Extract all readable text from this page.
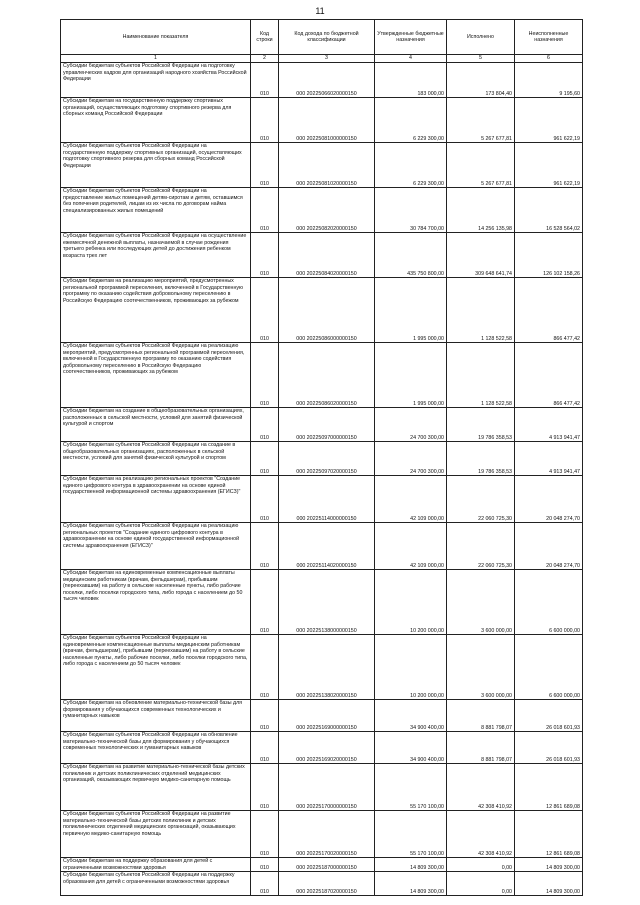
11
Наименование показателя	Код строки	Код дохода по бюджетной классификации	Утвержденные бюджетные назначения	Исполнено	Неисполненные назначения
1	2	3	4	5	6
Субсидии бюджетам субъектов Российской Федерации на подготовку управленческих кадров для организаций народного хозяйства Российской Федерации	010	000 20225066020000150	183 000,00	173 804,40	9 195,60
Субсидии бюджетам на государственную поддержку спортивных организаций, осуществляющих подготовку спортивного резерва для сборных команд Российской Федерации	010	000 20225081000000150	6 229 300,00	5 267 677,81	961 622,19
Субсидии бюджетам субъектов Российской Федерации на государственную поддержку спортивных организаций, осуществляющих подготовку спортивного резерва для сборных команд Российской Федерации	010	000 20225081020000150	6 229 300,00	5 267 677,81	961 622,19
Субсидии бюджетам субъектов Российской Федерации на предоставление жилых помещений детям-сиротам и детям, оставшимся без попечения родителей, лицам из их числа по договорам найма специализированных жилых помещений	010	000 20225082020000150	30 784 700,00	14 256 135,98	16 528 564,02
Субсидии бюджетам субъектов Российской Федерации на осуществление ежемесячной денежной выплаты, назначаемой в случае рождения третьего ребенка или последующих детей до достижения ребенком возраста трех лет	010	000 20225084020000150	435 750 800,00	309 648 641,74	126 102 158,26
Субсидии бюджетам на реализацию мероприятий, предусмотренных региональной программой переселения, включенной в Государственную программу по оказанию содействия добровольному переселению в Российскую Федерацию соотечественников, проживающих за рубежом	010	000 20225086000000150	1 995 000,00	1 128 522,58	866 477,42
Субсидии бюджетам субъектов Российской Федерации на реализацию мероприятий, предусмотренных региональной программой переселения, включенной в Государственную программу по оказанию содействия добровольному переселению в Российскую Федерацию соотечественников, проживающих за рубежом	010	000 20225086020000150	1 995 000,00	1 128 522,58	866 477,42
Субсидии бюджетам на создание в общеобразовательных организациях, расположенных в сельской местности, условий для занятий физической культурой и спортом	010	000 20225097000000150	24 700 300,00	19 786 358,53	4 913 941,47
Субсидии бюджетам субъектов Российской Федерации на создание в общеобразовательных организациях, расположенных в сельской местности, условий для занятий физической культурой и спортом	010	000 20225097020000150	24 700 300,00	19 786 358,53	4 913 941,47
Субсидии бюджетам на реализацию региональных проектов "Создание единого цифрового контура в здравоохранении на основе единой государственной информационной системы здравоохранения (ЕГИСЗ)"	010	000 20225114000000150	42 109 000,00	22 060 725,30	20 048 274,70
Субсидии бюджетам субъектов Российской Федерации на реализацию региональных проектов "Создание единого цифрового контура в здравоохранении на основе единой государственной информационной системы здравоохранения (ЕГИСЗ)"	010	000 20225114020000150	42 109 000,00	22 060 725,30	20 048 274,70
Субсидии бюджетам на единовременные компенсационные выплаты медицинским работникам (врачам, фельдшерам), прибывшим (переехавшим) на работу в сельские населенные пункты, либо рабочие поселки, либо поселки городского типа, либо города с населением до 50 тысяч человек	010	000 20225138000000150	10 200 000,00	3 600 000,00	6 600 000,00
Субсидии бюджетам субъектов Российской Федерации на единовременные компенсационные выплаты медицинским работникам (врачам, фельдшерам), прибывшим (переехавшим) на работу в сельские населенные пункты, либо рабочие поселки, либо поселки городского типа, либо города с населением до 50 тысяч человек	010	000 20225138020000150	10 200 000,00	3 600 000,00	6 600 000,00
Субсидии бюджетам на обновление материально-технической базы для формирования у обучающихся современных технологических и гуманитарных навыков	010	000 20225169000000150	34 900 400,00	8 881 798,07	26 018 601,93
Субсидии бюджетам субъектов Российской Федерации на обновление материально-технической базы для формирования у обучающихся современных технологических и гуманитарных навыков	010	000 20225169020000150	34 900 400,00	8 881 798,07	26 018 601,93
Субсидии бюджетам на развитие материально-технической базы детских поликлиник и детских поликлинических отделений медицинских организаций, оказывающих первичную медико-санитарную помощь	010	000 20225170000000150	55 170 100,00	42 308 410,92	12 861 689,08
Субсидии бюджетам субъектов Российской Федерации на развитие материально-технической базы детских поликлиник и детских поликлинических отделений медицинских организаций, оказывающих первичную медико-санитарную помощь	010	000 20225170020000150	55 170 100,00	42 308 410,92	12 861 689,08
Субсидии бюджетам на поддержку образования для детей с ограниченными возможностями здоровья	010	000 20225187000000150	14 809 300,00	0,00	14 809 300,00
Субсидии бюджетам субъектов Российской Федерации на поддержку образования для детей с ограниченными возможностями здоровья	010	000 20225187020000150	14 809 300,00	0,00	14 809 300,00
